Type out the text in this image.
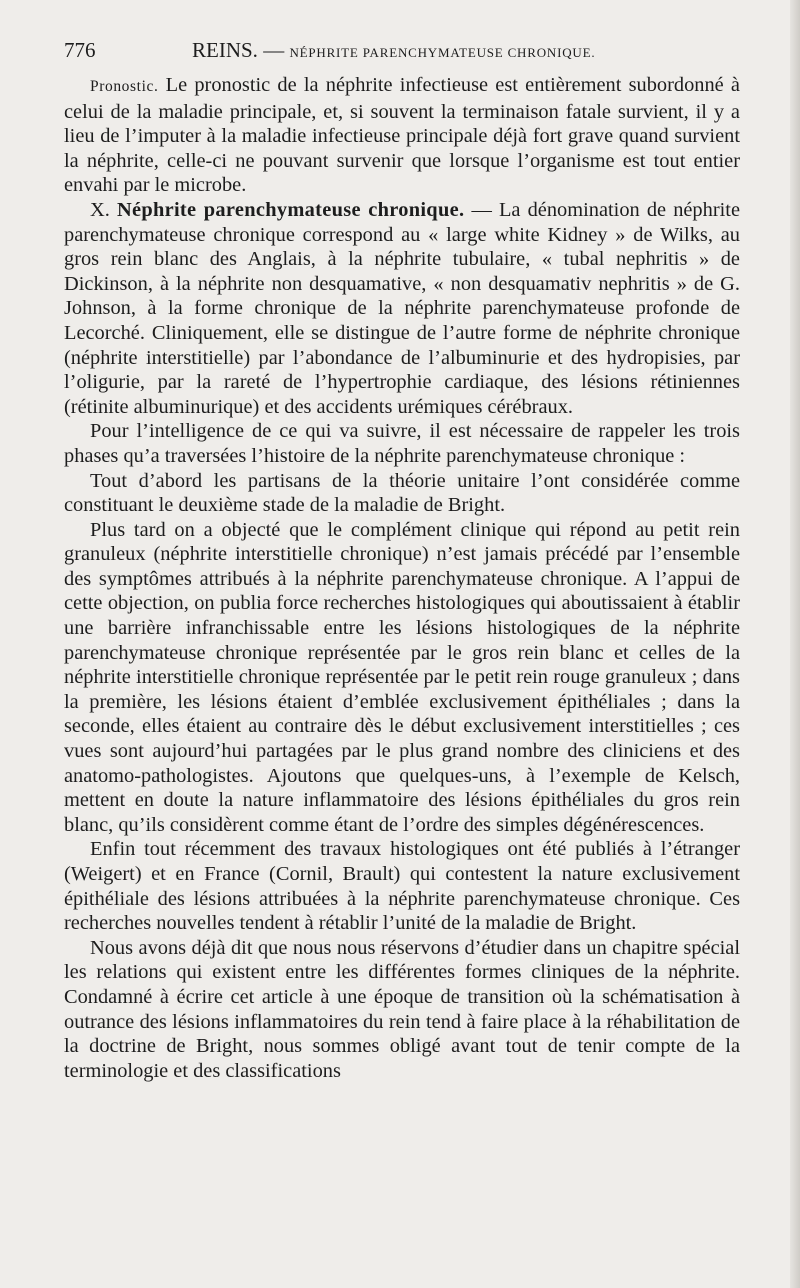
776	REINS. — NÉPHRITE PARENCHYMATEUSE CHRONIQUE.

Pronostic. Le pronostic de la néphrite infectieuse est entièrement subordonné à celui de la maladie principale, et, si souvent la terminaison fatale survient, il y a lieu de l’imputer à la maladie infectieuse principale déjà fort grave quand survient la néphrite, celle-ci ne pouvant survenir que lorsque l’organisme est tout entier envahi par le microbe.

X. Néphrite parenchymateuse chronique. — La dénomination de néphrite parenchymateuse chronique correspond au « large white Kidney » de Wilks, au gros rein blanc des Anglais, à la néphrite tubulaire, « tubal nephritis » de Dickinson, à la néphrite non desquamative, « non desquamativ nephritis » de G. Johnson, à la forme chronique de la néphrite parenchymateuse profonde de Lecorché. Cliniquement, elle se distingue de l’autre forme de néphrite chronique (néphrite interstitielle) par l’abondance de l’albuminurie et des hydropisies, par l’oligurie, par la rareté de l’hypertrophie cardiaque, des lésions rétiniennes (rétinite albuminurique) et des accidents urémiques cérébraux.

Pour l’intelligence de ce qui va suivre, il est nécessaire de rappeler les trois phases qu’a traversées l’histoire de la néphrite parenchymateuse chronique :

Tout d’abord les partisans de la théorie unitaire l’ont considérée comme constituant le deuxième stade de la maladie de Bright.

Plus tard on a objecté que le complément clinique qui répond au petit rein granuleux (néphrite interstitielle chronique) n’est jamais précédé par l’ensemble des symptômes attribués à la néphrite parenchymateuse chronique. A l’appui de cette objection, on publia force recherches histologiques qui aboutissaient à établir une barrière infranchissable entre les lésions histologiques de la néphrite parenchymateuse chronique représentée par le gros rein blanc et celles de la néphrite interstitielle chronique représentée par le petit rein rouge granuleux ; dans la première, les lésions étaient d’emblée exclusivement épithéliales ; dans la seconde, elles étaient au contraire dès le début exclusivement interstitielles ; ces vues sont aujourd’hui partagées par le plus grand nombre des cliniciens et des anatomo-pathologistes. Ajoutons que quelques-uns, à l’exemple de Kelsch, mettent en doute la nature inflammatoire des lésions épithéliales du gros rein blanc, qu’ils considèrent comme étant de l’ordre des simples dégénérescences.

Enfin tout récemment des travaux histologiques ont été publiés à l’étranger (Weigert) et en France (Cornil, Brault) qui contestent la nature exclusivement épithéliale des lésions attribuées à la néphrite parenchymateuse chronique. Ces recherches nouvelles tendent à rétablir l’unité de la maladie de Bright.

Nous avons déjà dit que nous nous réservons d’étudier dans un chapitre spécial les relations qui existent entre les différentes formes cliniques de la néphrite. Condamné à écrire cet article à une époque de transition où la schématisation à outrance des lésions inflammatoires du rein tend à faire place à la réhabilitation de la doctrine de Bright, nous sommes obligé avant tout de tenir compte de la terminologie et des classifications
